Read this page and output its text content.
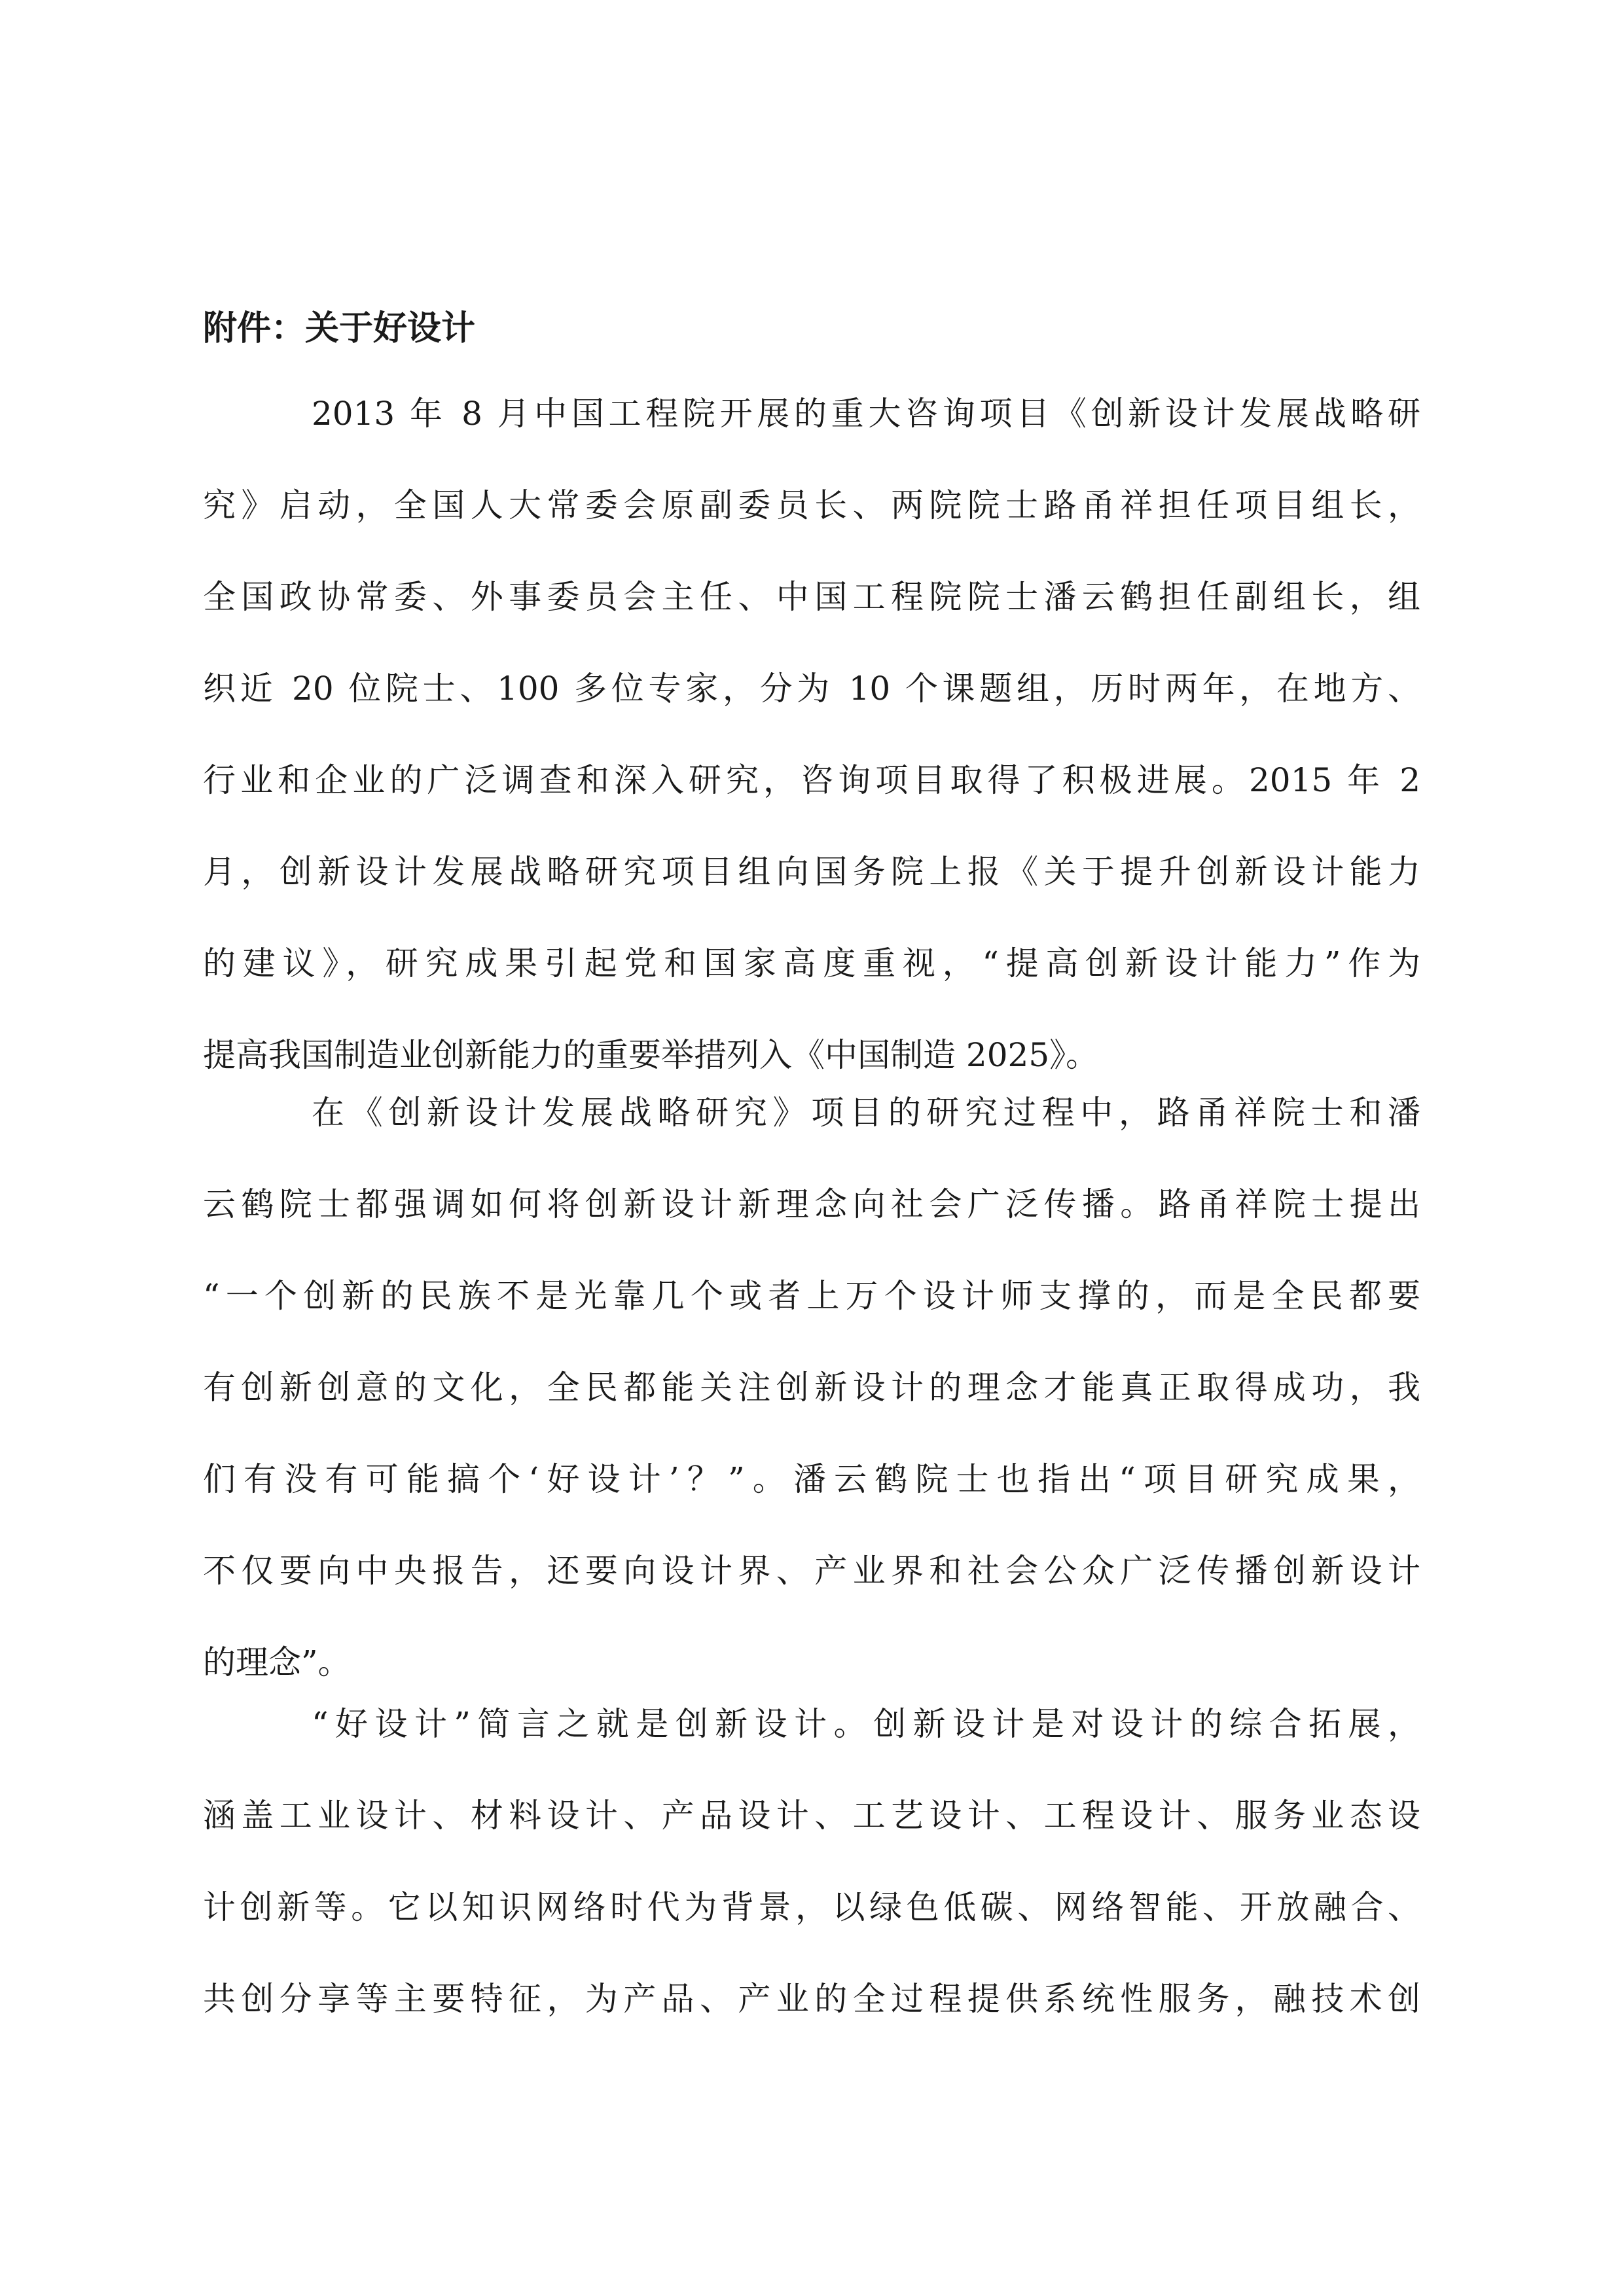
附件：关于好设计
2013 年 8 月中国工程院开展的重大咨询项目《创新设计发展战略研
究》启动，全国人大常委会原副委员长、两院院士路甬祥担任项目组长，
全国政协常委、外事委员会主任、中国工程院院士潘云鹤担任副组长，组
织近 20 位院士、100 多位专家，分为 10 个课题组，历时两年，在地方、
行业和企业的广泛调查和深入研究，咨询项目取得了积极进展。2015 年 2
月，创新设计发展战略研究项目组向国务院上报《关于提升创新设计能力
的建议》，研究成果引起党和国家高度重视，“提高创新设计能力”作为
提高我国制造业创新能力的重要举措列入《中国制造 2025》。
在《创新设计发展战略研究》项目的研究过程中，路甬祥院士和潘
云鹤院士都强调如何将创新设计新理念向社会广泛传播。路甬祥院士提出
“一个创新的民族不是光靠几个或者上万个设计师支撑的，而是全民都要
有创新创意的文化，全民都能关注创新设计的理念才能真正取得成功，我
们有没有可能搞个‘好设计’？”。潘云鹤院士也指出“项目研究成果，
不仅要向中央报告，还要向设计界、产业界和社会公众广泛传播创新设计
的理念”。
“好设计”简言之就是创新设计。创新设计是对设计的综合拓展，
涵盖工业设计、材料设计、产品设计、工艺设计、工程设计、服务业态设
计创新等。它以知识网络时代为背景，以绿色低碳、网络智能、开放融合、
共创分享等主要特征，为产品、产业的全过程提供系统性服务，融技术创
